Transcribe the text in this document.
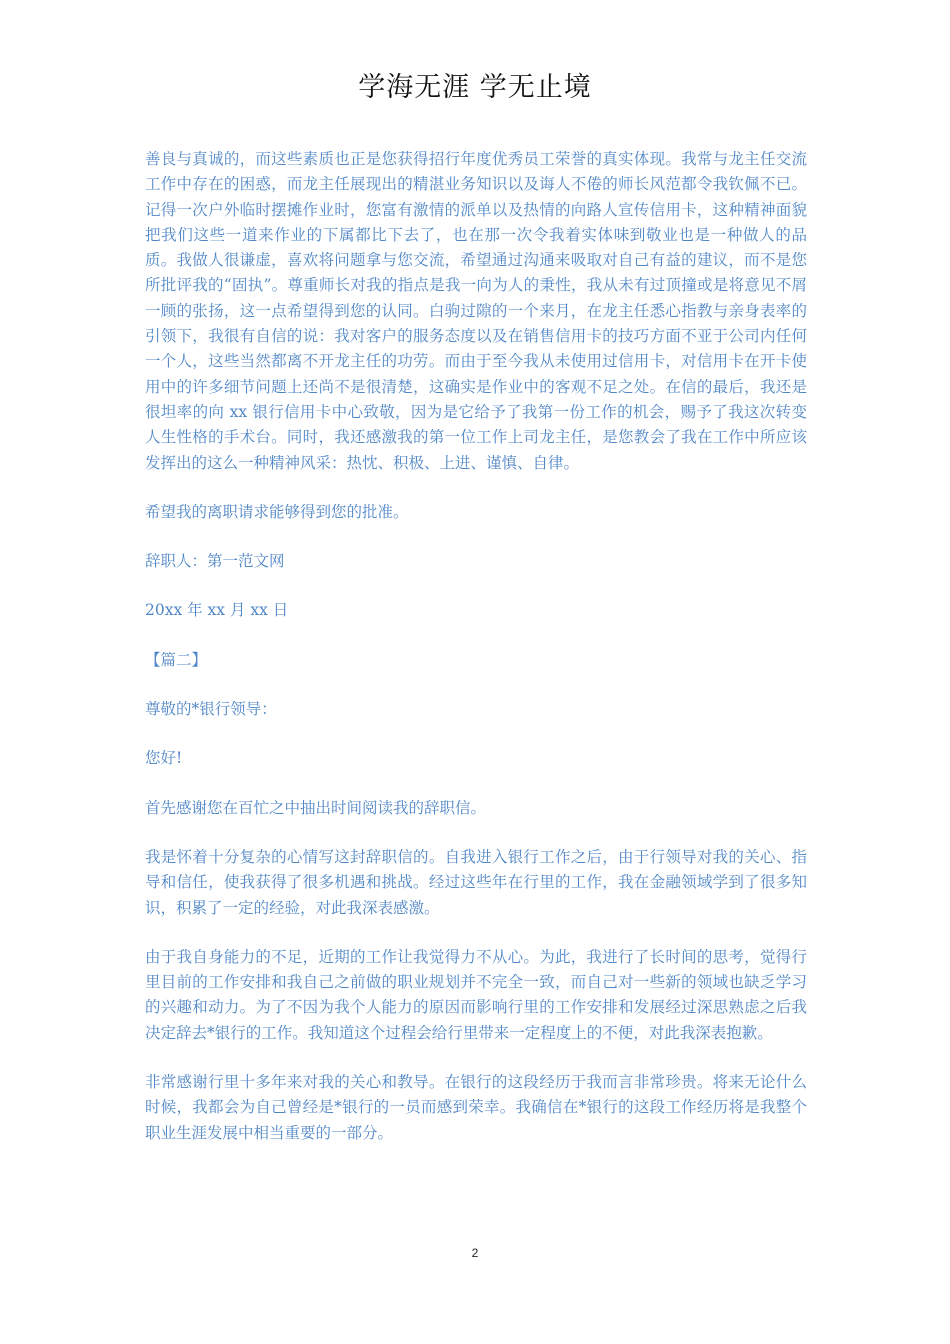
学海无涯 学无止境

善良与真诚的，而这些素质也正是您获得招行年度优秀员工荣誉的真实体现。我常与龙主任交流工作中存在的困惑，而龙主任展现出的精湛业务知识以及诲人不倦的师长风范都令我钦佩不已。记得一次户外临时摆摊作业时，您富有激情的派单以及热情的向路人宣传信用卡，这种精神面貌把我们这些一道来作业的下属都比下去了，也在那一次令我着实体味到敬业也是一种做人的品质。我做人很谦虚，喜欢将问题拿与您交流，希望通过沟通来吸取对自己有益的建议，而不是您所批评我的“固执”。尊重师长对我的指点是我一向为人的秉性，我从未有过顶撞或是将意见不屑一顾的张扬，这一点希望得到您的认同。白驹过隙的一个来月，在龙主任悉心指教与亲身表率的引领下，我很有自信的说：我对客户的服务态度以及在销售信用卡的技巧方面不亚于公司内任何一个人，这些当然都离不开龙主任的功劳。而由于至今我从未使用过信用卡，对信用卡在开卡使用中的许多细节问题上还尚不是很清楚，这确实是作业中的客观不足之处。在信的最后，我还是很坦率的向 xx 银行信用卡中心致敬，因为是它给予了我第一份工作的机会，赐予了我这次转变人生性格的手术台。同时，我还感激我的第一位工作上司龙主任，是您教会了我在工作中所应该发挥出的这么一种精神风采：热忱、积极、上进、谨慎、自律。

希望我的离职请求能够得到您的批准。

辞职人：第一范文网

20xx 年 xx 月 xx 日

【篇二】

尊敬的*银行领导：

您好!

首先感谢您在百忙之中抽出时间阅读我的辞职信。

我是怀着十分复杂的心情写这封辞职信的。自我进入银行工作之后，由于行领导对我的关心、指导和信任，使我获得了很多机遇和挑战。经过这些年在行里的工作，我在金融领域学到了很多知识，积累了一定的经验，对此我深表感激。

由于我自身能力的不足，近期的工作让我觉得力不从心。为此，我进行了长时间的思考，觉得行里目前的工作安排和我自己之前做的职业规划并不完全一致，而自己对一些新的领域也缺乏学习的兴趣和动力。为了不因为我个人能力的原因而影响行里的工作安排和发展经过深思熟虑之后我决定辞去*银行的工作。我知道这个过程会给行里带来一定程度上的不便，对此我深表抱歉。

非常感谢行里十多年来对我的关心和教导。在银行的这段经历于我而言非常珍贵。将来无论什么时候，我都会为自己曾经是*银行的一员而感到荣幸。我确信在*银行的这段工作经历将是我整个职业生涯发展中相当重要的一部分。

2
